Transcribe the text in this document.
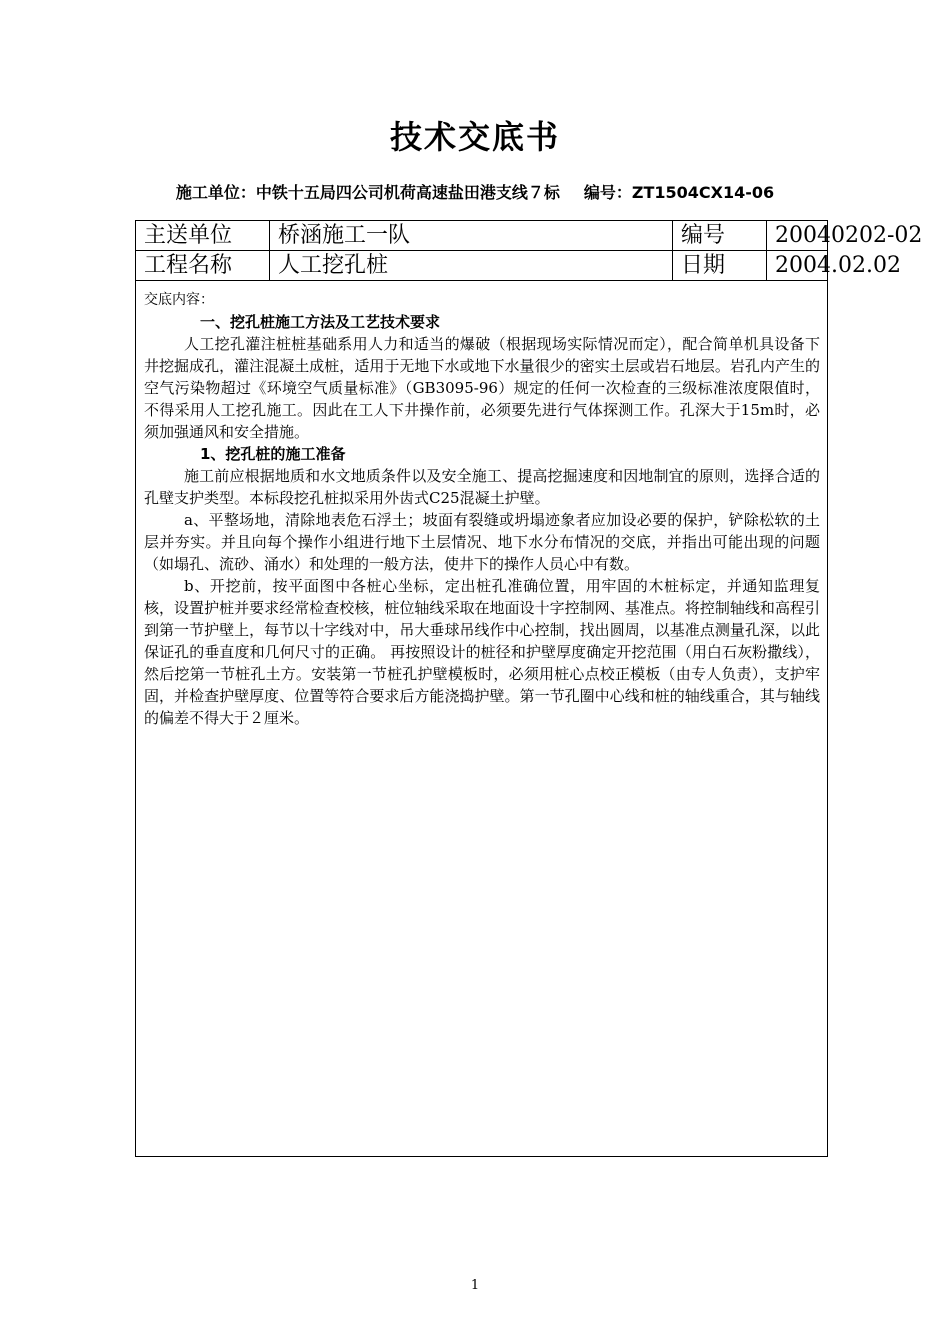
技术交底书
施工单位：中铁十五局四公司机荷高速盐田港支线７标 编号：ZT1504CX14-06
主送单位	桥涵施工一队	编号	20040202-02
工程名称	人工挖孔桩	日期	2004.02.02

交底内容：

一、挖孔桩施工方法及工艺技术要求

人工挖孔灌注桩桩基础系用人力和适当的爆破（根据现场实际情况而定），配合简单机具设备下井挖掘成孔，灌注混凝土成桩，适用于无地下水或地下水量很少的密实土层或岩石地层。岩孔内产生的空气污染物超过《环境空气质量标准》（GB3095-96）规定的任何一次检查的三级标准浓度限值时，不得采用人工挖孔施工。因此在工人下井操作前，必须要先进行气体探测工作。孔深大于15m时，必须加强通风和安全措施。

1、挖孔桩的施工准备

施工前应根据地质和水文地质条件以及安全施工、提高挖掘速度和因地制宜的原则，选择合适的孔壁支护类型。本标段挖孔桩拟采用外齿式C25混凝土护壁。

a、平整场地，清除地表危石浮土；坡面有裂缝或坍塌迹象者应加设必要的保护，铲除松软的土层并夯实。并且向每个操作小组进行地下土层情况、地下水分布情况的交底，并指出可能出现的问题（如塌孔、流砂、涌水）和处理的一般方法，使井下的操作人员心中有数。

b、开挖前，按平面图中各桩心坐标，定出桩孔准确位置，用牢固的木桩标定，并通知监理复核，设置护桩并要求经常检查校核，桩位轴线采取在地面设十字控制网、基准点。将控制轴线和高程引到第一节护壁上，每节以十字线对中，吊大垂球吊线作中心控制，找出圆周，以基准点测量孔深，以此保证孔的垂直度和几何尺寸的正确。 再按照设计的桩径和护壁厚度确定开挖范围（用白石灰粉撒线），然后挖第一节桩孔土方。安装第一节桩孔护壁模板时，必须用桩心点校正模板（由专人负责），支护牢固，并检查护壁厚度、位置等符合要求后方能浇捣护壁。第一节孔圈中心线和桩的轴线重合，其与轴线的偏差不得大于２厘米。

1
